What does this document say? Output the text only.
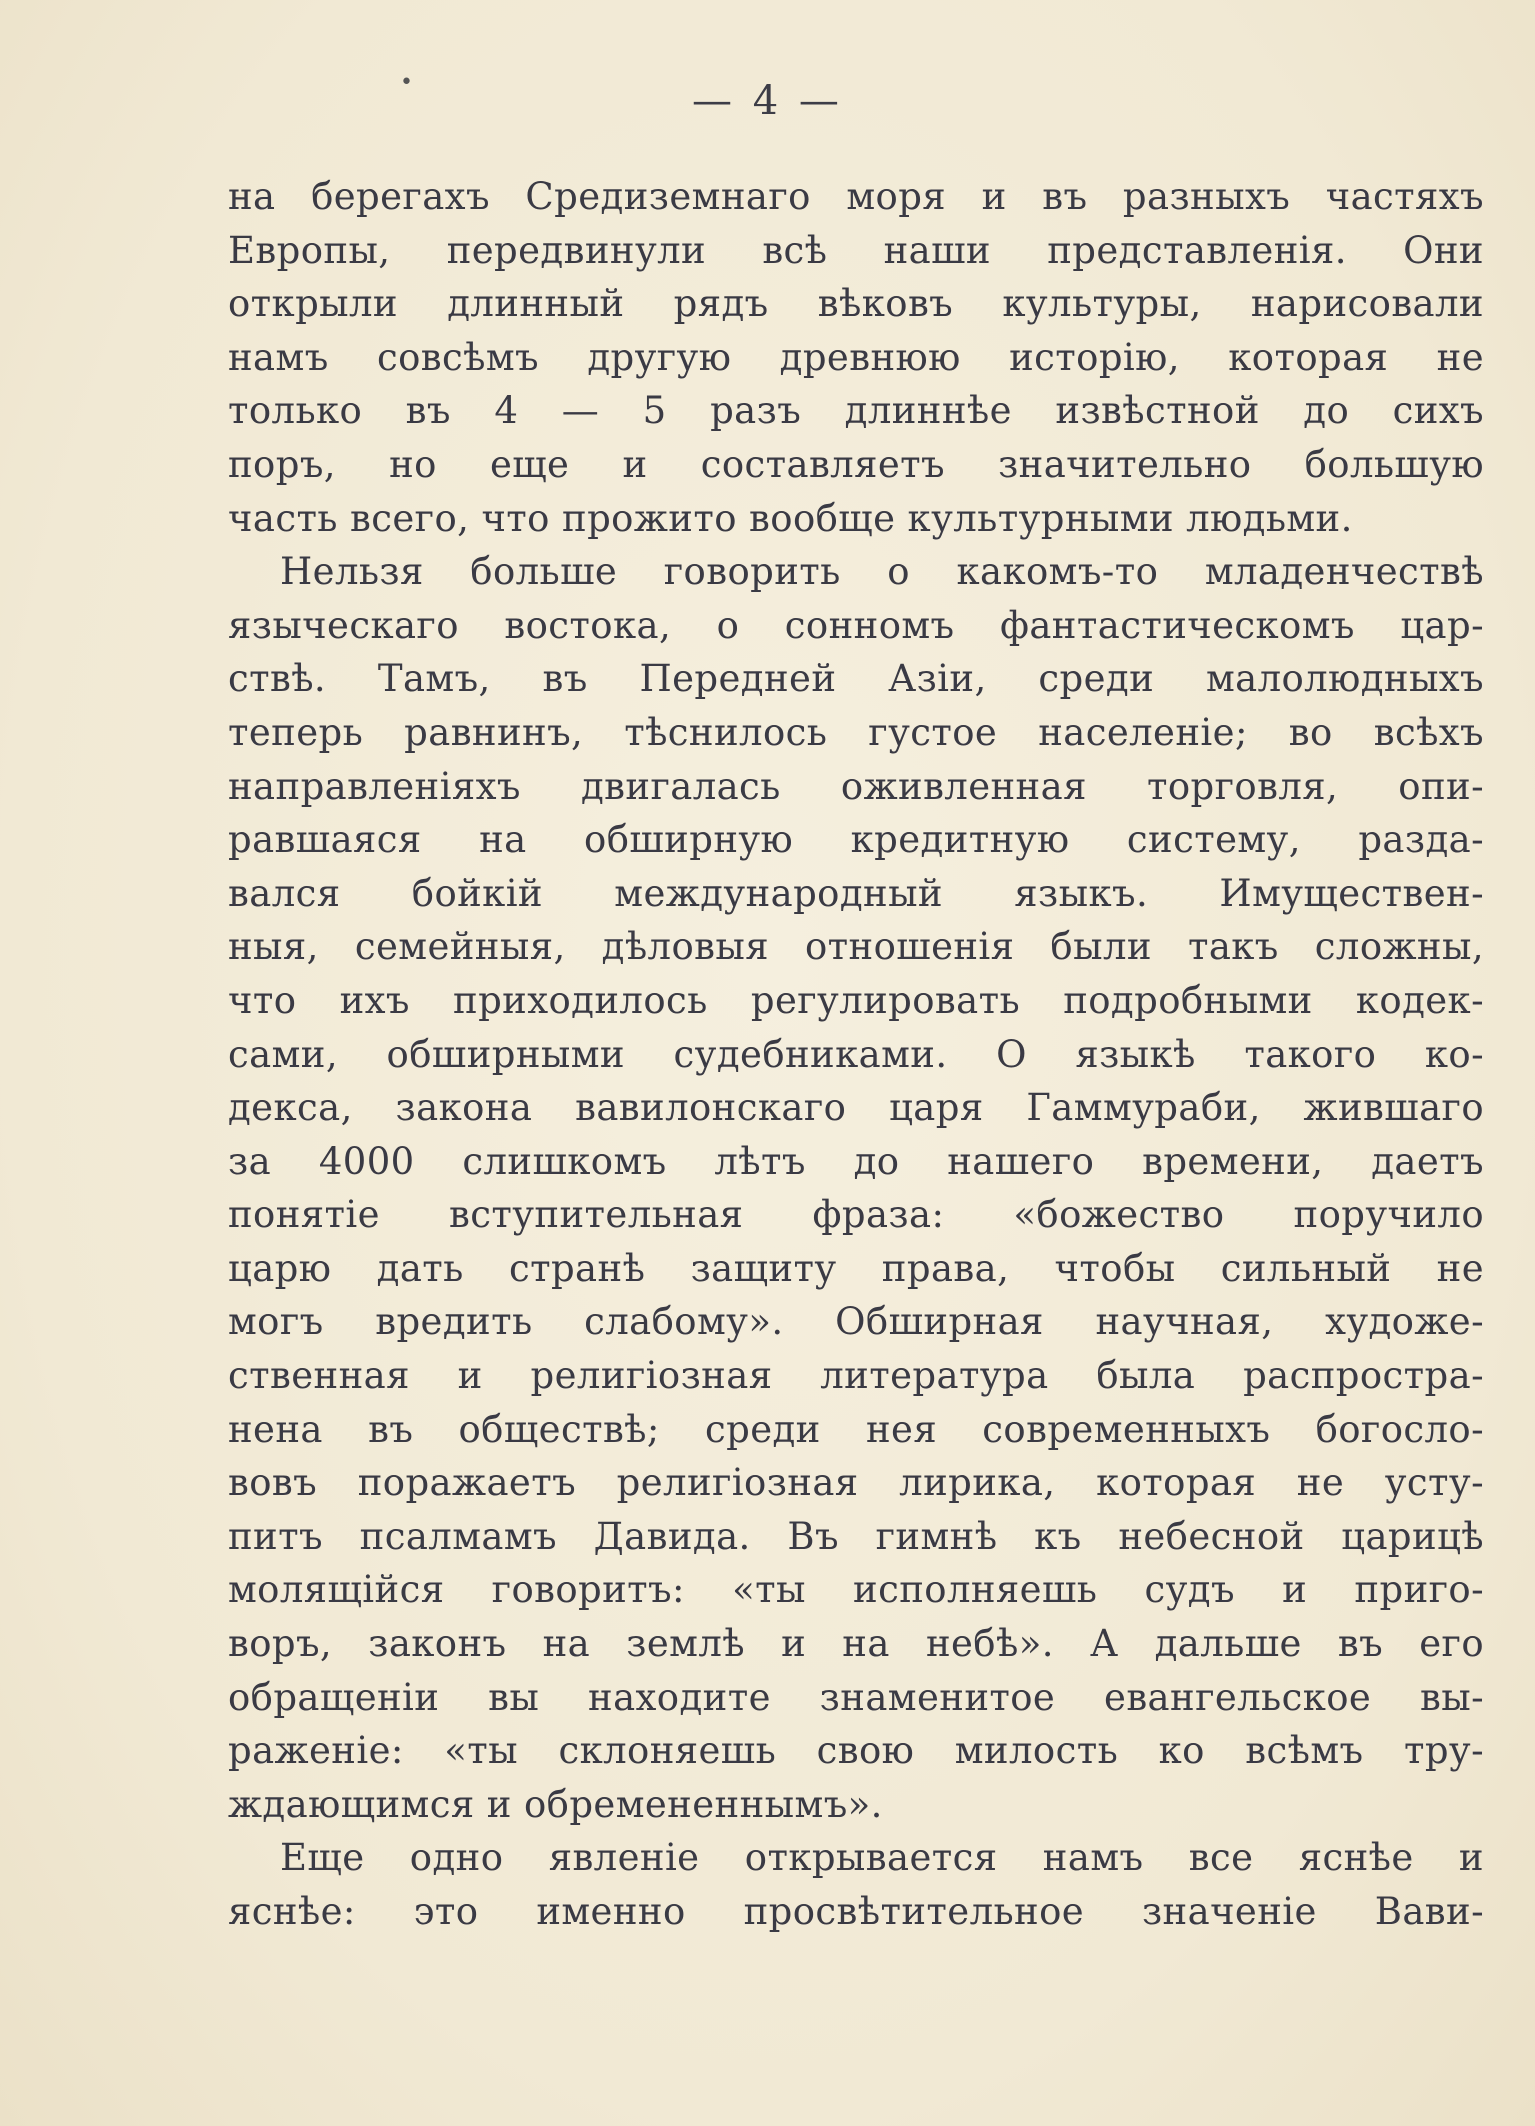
•	— 4 —
на берегахъ Средиземнаго моря и въ разныхъ частяхъ
Европы, передвинули всѣ наши представленія. Они
открыли длинный рядъ вѣковъ культуры, нарисовали
намъ совсѣмъ другую древнюю исторію, которая не
только въ 4 — 5 разъ длиннѣе извѣстной до сихъ
поръ, но еще и составляетъ значительно большую
часть всего, что прожито вообще культурными людьми.
Нельзя больше говорить о какомъ-то младенчествѣ
языческаго востока, о сонномъ фантастическомъ цар-
ствѣ. Тамъ, въ Передней Азіи, среди малолюдныхъ
теперь равнинъ, тѣснилось густое населеніе; во всѣхъ
направленіяхъ двигалась оживленная торговля, опи-
равшаяся на обширную кредитную систему, разда-
вался бойкій международный языкъ. Имуществен-
ныя, семейныя, дѣловыя отношенія были такъ сложны,
что ихъ приходилось регулировать подробными кодек-
сами, обширными судебниками. О языкѣ такого ко-
декса, закона вавилонскаго царя Гаммураби, жившаго
за 4000 слишкомъ лѣтъ до нашего времени, даетъ
понятіе вступительная фраза: «божество поручило
царю дать странѣ защиту права, чтобы сильный не
могъ вредить слабому». Обширная научная, художе-
ственная и религіозная литература была распростра-
нена въ обществѣ; среди нея современныхъ богосло-
вовъ поражаетъ религіозная лирика, которая не усту-
питъ псалмамъ Давида. Въ гимнѣ къ небесной царицѣ
молящійся говоритъ: «ты исполняешь судъ и приго-
воръ, законъ на землѣ и на небѣ». А дальше въ его
обращеніи вы находите знаменитое евангельское вы-
раженіе: «ты склоняешь свою милость ко всѣмъ тру-
ждающимся и обремененнымъ».
Еще одно явленіе открывается намъ все яснѣе и
яснѣе: это именно просвѣтительное значеніе Вави-
